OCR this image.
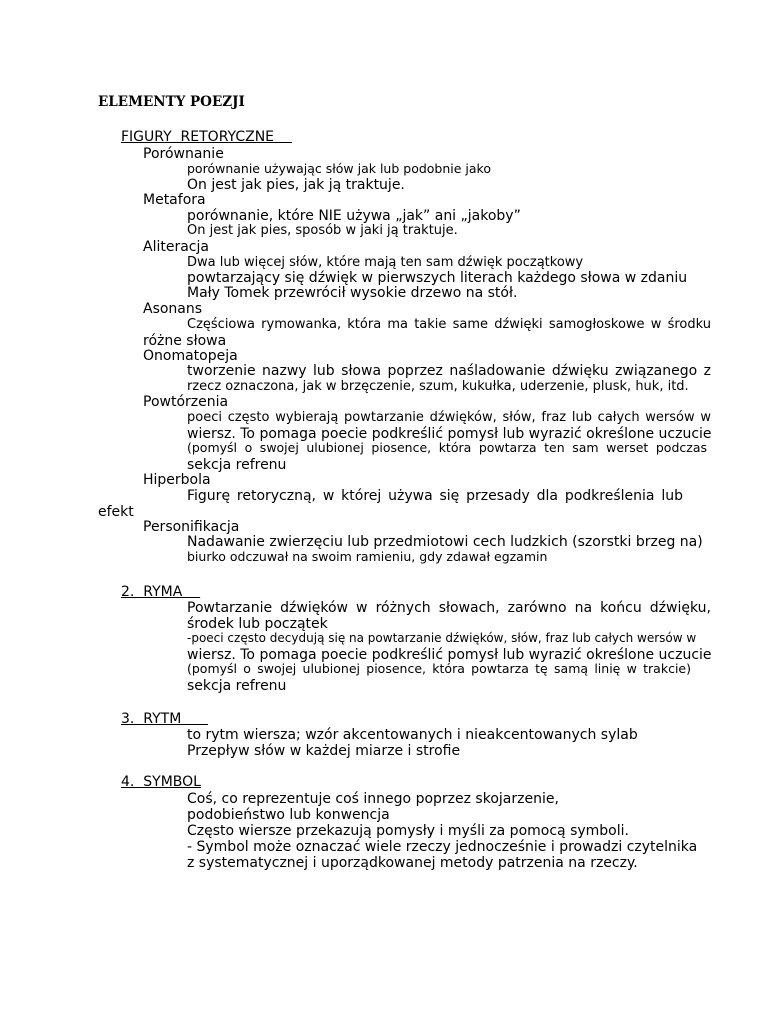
ELEMENTY POEZJI
FIGURY  RETORYCZNE
Porównanie
porównanie używając słów jak lub podobnie jako
On jest jak pies, jak ją traktuje.
Metafora
porównanie, które NIE używa „jak” ani „jakoby”
On jest jak pies, sposób w jaki ją traktuje.
Aliteracja
Dwa lub więcej słów, które mają ten sam dźwięk początkowy
powtarzający się dźwięk w pierwszych literach każdego słowa w zdaniu
Mały Tomek przewrócił wysokie drzewo na stół.
Asonans
Częściowa rymowanka, która ma takie same dźwięki samogłoskowe w środku
różne słowa
Onomatopeja
tworzenie nazwy lub słowa poprzez naśladowanie dźwięku związanego z
rzecz oznaczona, jak w brzęczenie, szum, kukułka, uderzenie, plusk, huk, itd.
Powtórzenia
poeci często wybierają powtarzanie dźwięków, słów, fraz lub całych wersów w
wiersz. To pomaga poecie podkreślić pomysł lub wyrazić określone uczucie
(pomyśl o swojej ulubionej piosence, która powtarza ten sam werset podczas
sekcja refrenu
Hiperbola
Figurę retoryczną, w której używa się przesady dla podkreślenia lub
efekt
Personifikacja
Nadawanie zwierzęciu lub przedmiotowi cech ludzkich (szorstki brzeg na)
biurko odczuwał na swoim ramieniu, gdy zdawał egzamin
2.  RYMA
Powtarzanie dźwięków w różnych słowach, zarówno na końcu dźwięku,
środek lub początek
-poeci często decydują się na powtarzanie dźwięków, słów, fraz lub całych wersów w
wiersz. To pomaga poecie podkreślić pomysł lub wyrazić określone uczucie
(pomyśl o swojej ulubionej piosence, która powtarza tę samą linię w trakcie)
sekcja refrenu
3.  RYTM
to rytm wiersza; wzór akcentowanych i nieakcentowanych sylab
Przepływ słów w każdej miarze i strofie
4.  SYMBOL
Coś, co reprezentuje coś innego poprzez skojarzenie,
podobieństwo lub konwencja
Często wiersze przekazują pomysły i myśli za pomocą symboli.
- Symbol może oznaczać wiele rzeczy jednocześnie i prowadzi czytelnika
z systematycznej i uporządkowanej metody patrzenia na rzeczy.
